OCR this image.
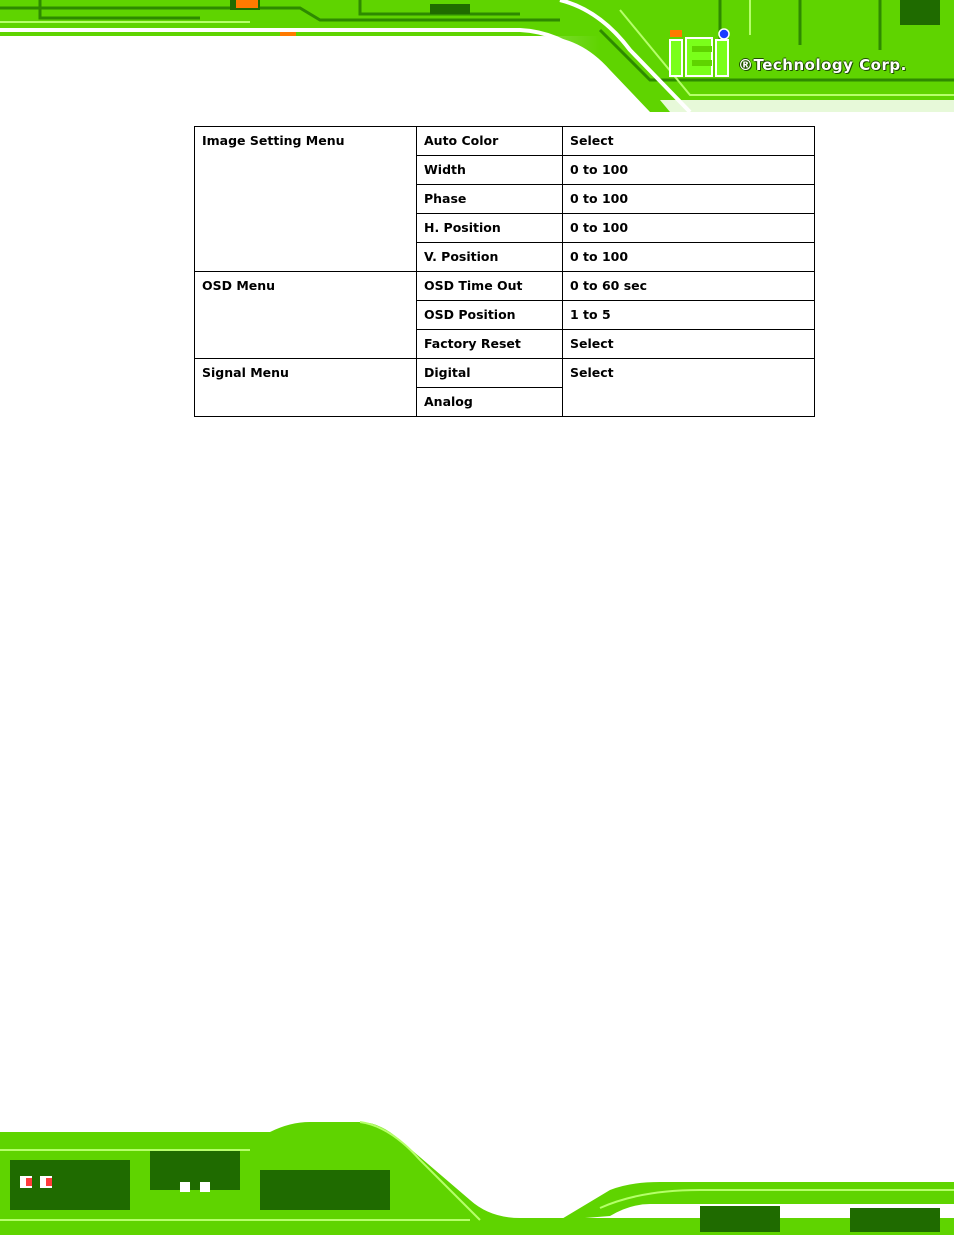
®Technology Corp.
Image Setting Menu	Auto Color	Select
	Width	0 to 100
	Phase	0 to 100
	H. Position	0 to 100
	V. Position	0 to 100
OSD Menu	OSD Time Out	0 to 60 sec
	OSD Position	1 to 5
	Factory Reset	Select
Signal Menu	Digital	Select
	Analog	
